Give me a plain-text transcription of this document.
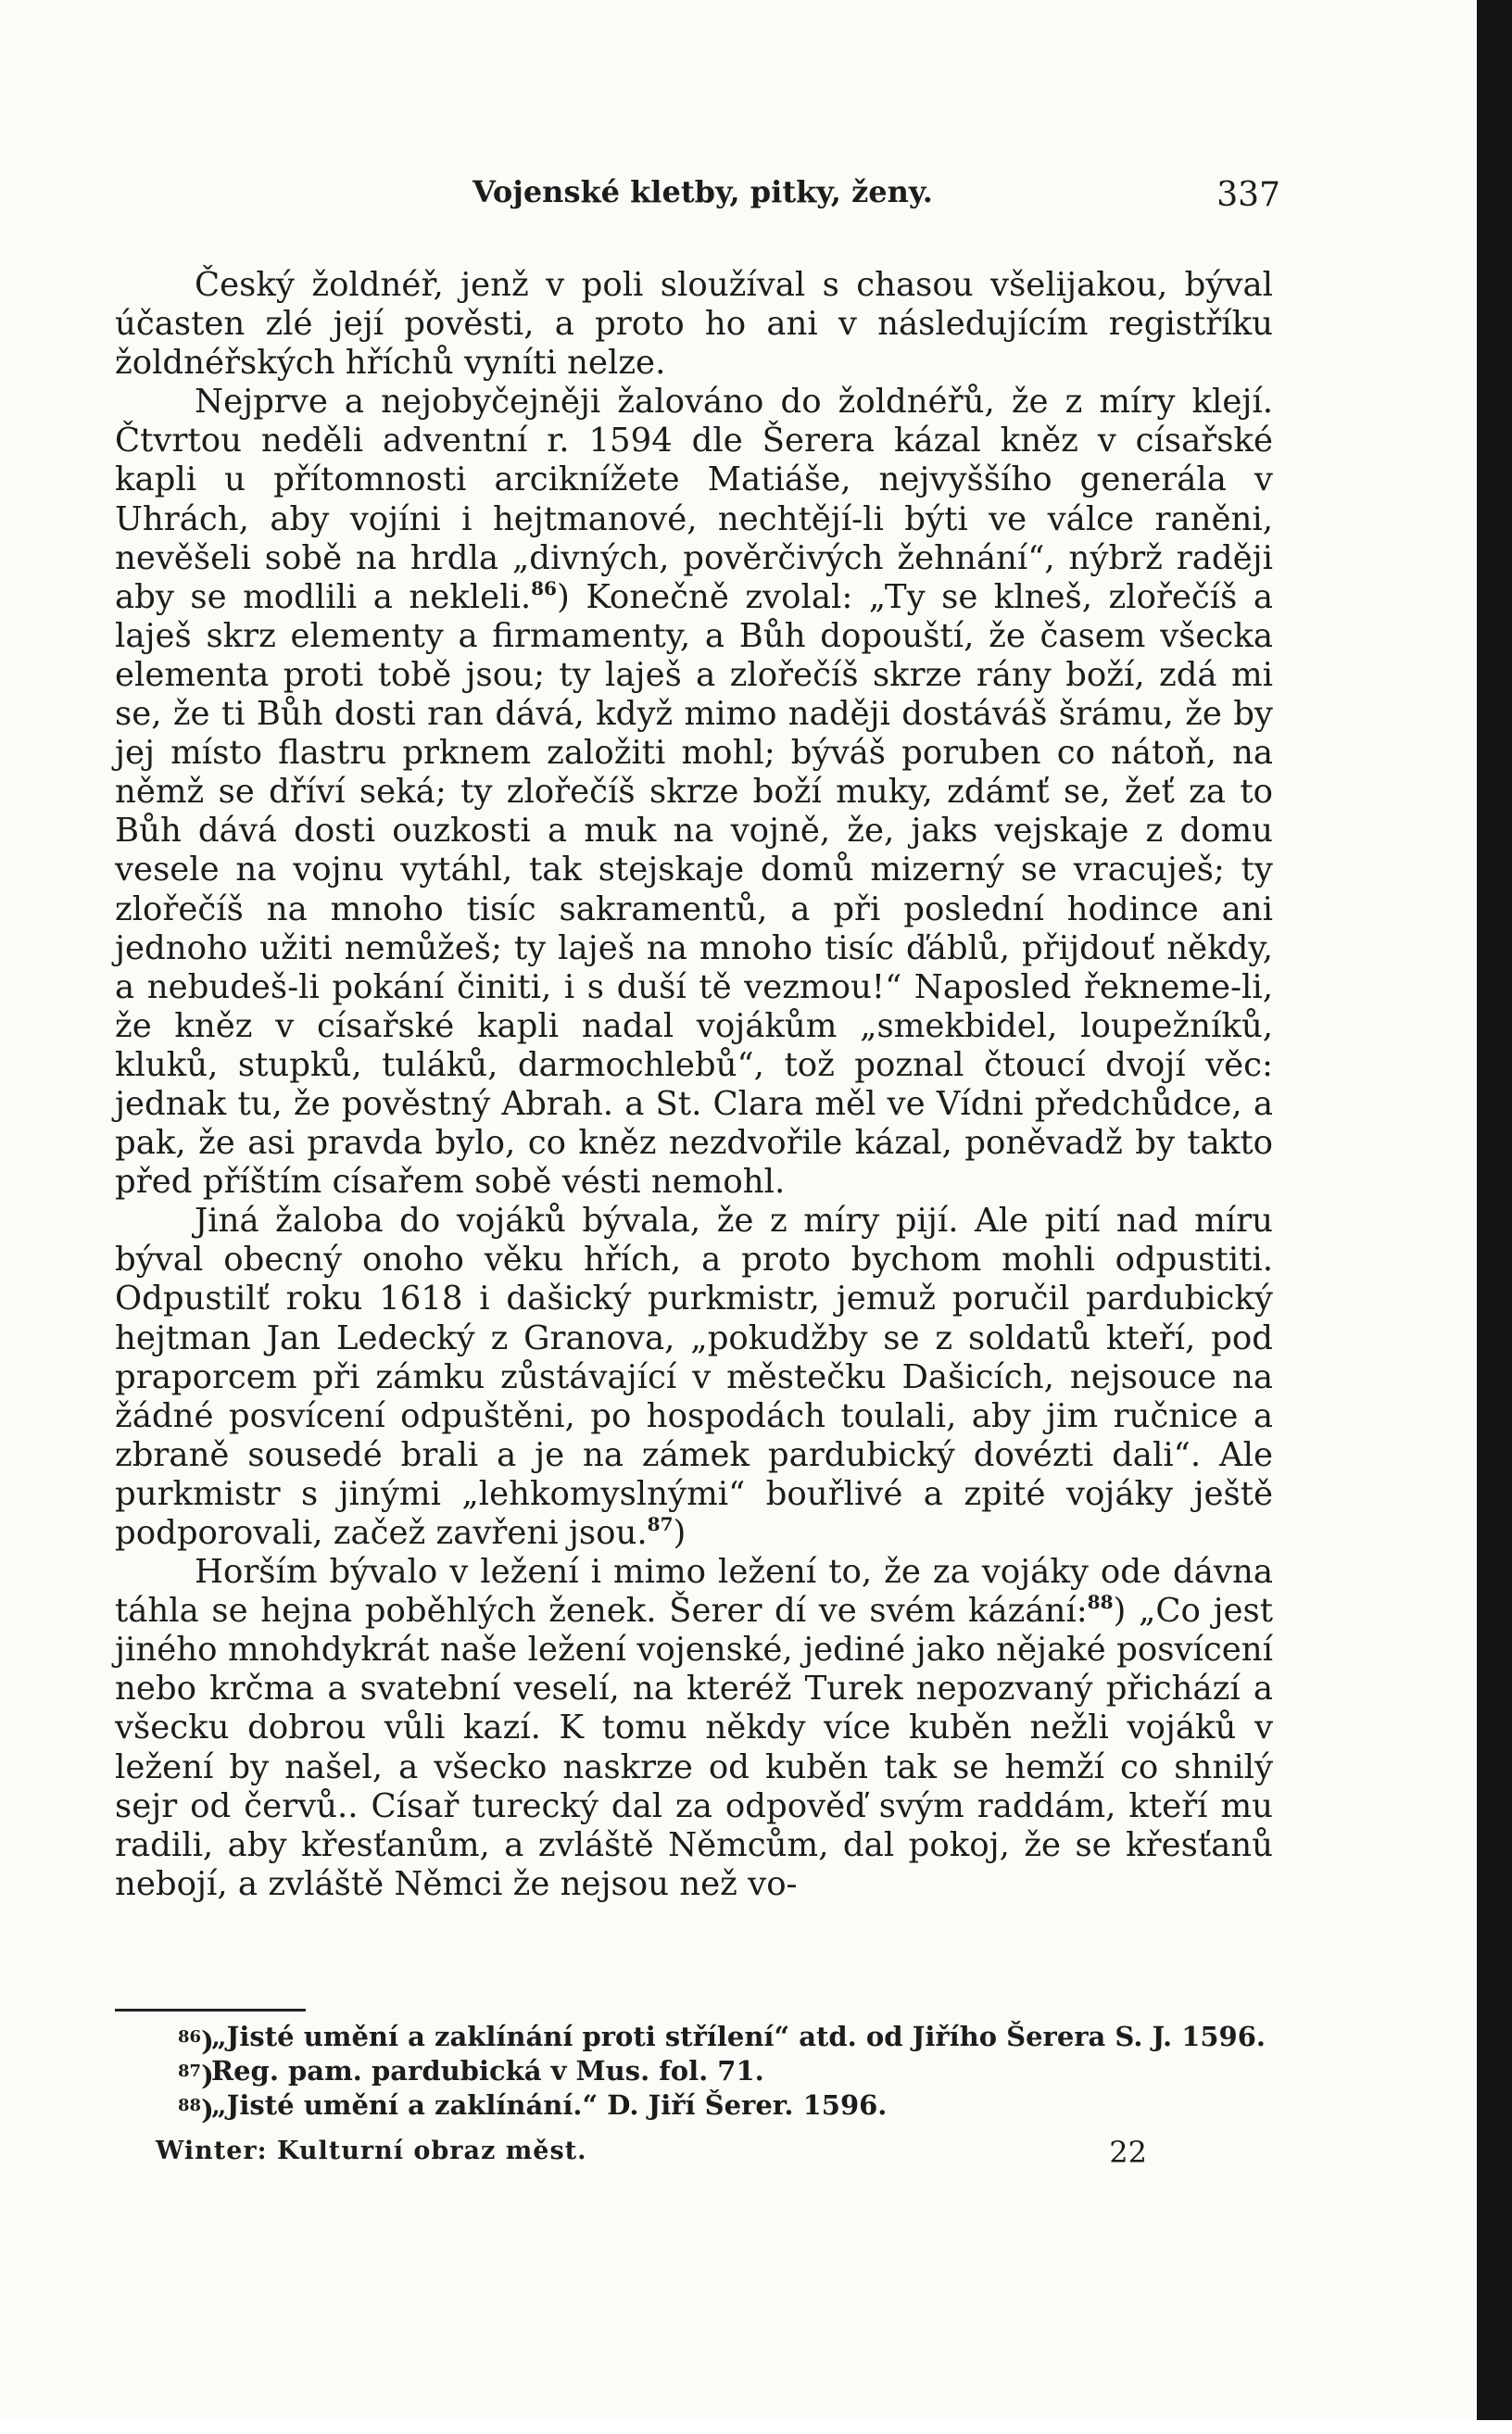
Vojenské kletby, pitky, ženy.	337

Český žoldnéř, jenž v poli sloužíval s chasou všelijakou, býval účasten zlé její pověsti, a proto ho ani v následujícím registříku žoldnéřských hříchů vyníti nelze.

Nejprve a nejobyčejněji žalováno do žoldnéřů, že z míry klejí. Čtvrtou neděli adventní r. 1594 dle Šerera kázal kněz v císařské kapli u přítomnosti arciknížete Matiáše, nejvyššího generála v Uhrách, aby vojíni i hejtmanové, nechtějí-li býti ve válce raněni, nevěšeli sobě na hrdla „divných, pověrčivých žehnání“, nýbrž raději aby se modlili a nekleli.$^{86}$) Konečně zvolal: „Ty se klneš, zlořečíš a laješ skrz elementy a firmamenty, a Bůh dopouští, že časem všecka elementa proti tobě jsou; ty laješ a zlořečíš skrze rány boží, zdá mi se, že ti Bůh dosti ran dává, když mimo naději dostáváš šrámu, že by jej místo flastru prknem založiti mohl; býváš poruben co nátoň, na němž se dříví seká; ty zlořečíš skrze boží muky, zdámť se, žeť za to Bůh dává dosti ouzkosti a muk na vojně, že, jaks vejskaje z domu vesele na vojnu vytáhl, tak stejskaje domů mizerný se vracuješ; ty zlořečíš na mnoho tisíc sakramentů, a při poslední hodince ani jednoho užiti nemůžeš; ty laješ na mnoho tisíc ďáblů, přijdouť někdy, a nebudeš-li pokání činiti, i s duší tě vezmou!“ Naposled řekneme-li, že kněz v císařské kapli nadal vojákům „smekbidel, loupežníků, kluků, stupků, tuláků, darmochlebů“, tož poznal čtoucí dvojí věc: jednak tu, že pověstný Abrah. a St. Clara měl ve Vídni předchůdce, a pak, že asi pravda bylo, co kněz nezdvořile kázal, poněvadž by takto před příštím císařem sobě vésti nemohl.

Jiná žaloba do vojáků bývala, že z míry pijí. Ale pití nad míru býval obecný onoho věku hřích, a proto bychom mohli odpustiti. Odpustilť roku 1618 i dašický purkmistr, jemuž poručil pardubický hejtman Jan Ledecký z Granova, „pokudžby se z soldatů kteří, pod praporcem při zámku zůstávající v městečku Dašicích, nejsouce na žádné posvícení odpuštěni, po hospodách toulali, aby jim ručnice a zbraně sousedé brali a je na zámek pardubický dovézti dali“. Ale purkmistr s jinými „lehkomyslnými“ bouřlivé a zpité vojáky ještě podporovali, začež zavřeni jsou.$^{87}$)

Horším bývalo v ležení i mimo ležení to, že za vojáky ode dávna táhla se hejna poběhlých ženek. Šerer dí ve svém kázání:$^{88}$) „Co jest jiného mnohdykrát naše ležení vojenské, jediné jako nějaké posvícení nebo krčma a svatební veselí, na kteréž Turek nepozvaný přichází a všecku dobrou vůli kazí. K tomu někdy více kuběn nežli vojáků v ležení by našel, a všecko naskrze od kuběn tak se hemží co shnilý sejr od červů.. Císař turecký dal za odpověď svým raddám, kteří mu radili, aby křesťanům, a zvláště Němcům, dal pokoj, že se křesťanů nebojí, a zvláště Němci že nejsou než vo-

$^{86}$)
„Jisté umění a zaklínání proti střílení“ atd. od Jiřího Šerera S. J. 1596.
$^{87}$)
Reg. pam. pardubická v Mus. fol. 71.
$^{88}$)
„Jisté umění a zaklínání.“ D. Jiří Šerer. 1596.
Winter: Kulturní obraz měst.	22
